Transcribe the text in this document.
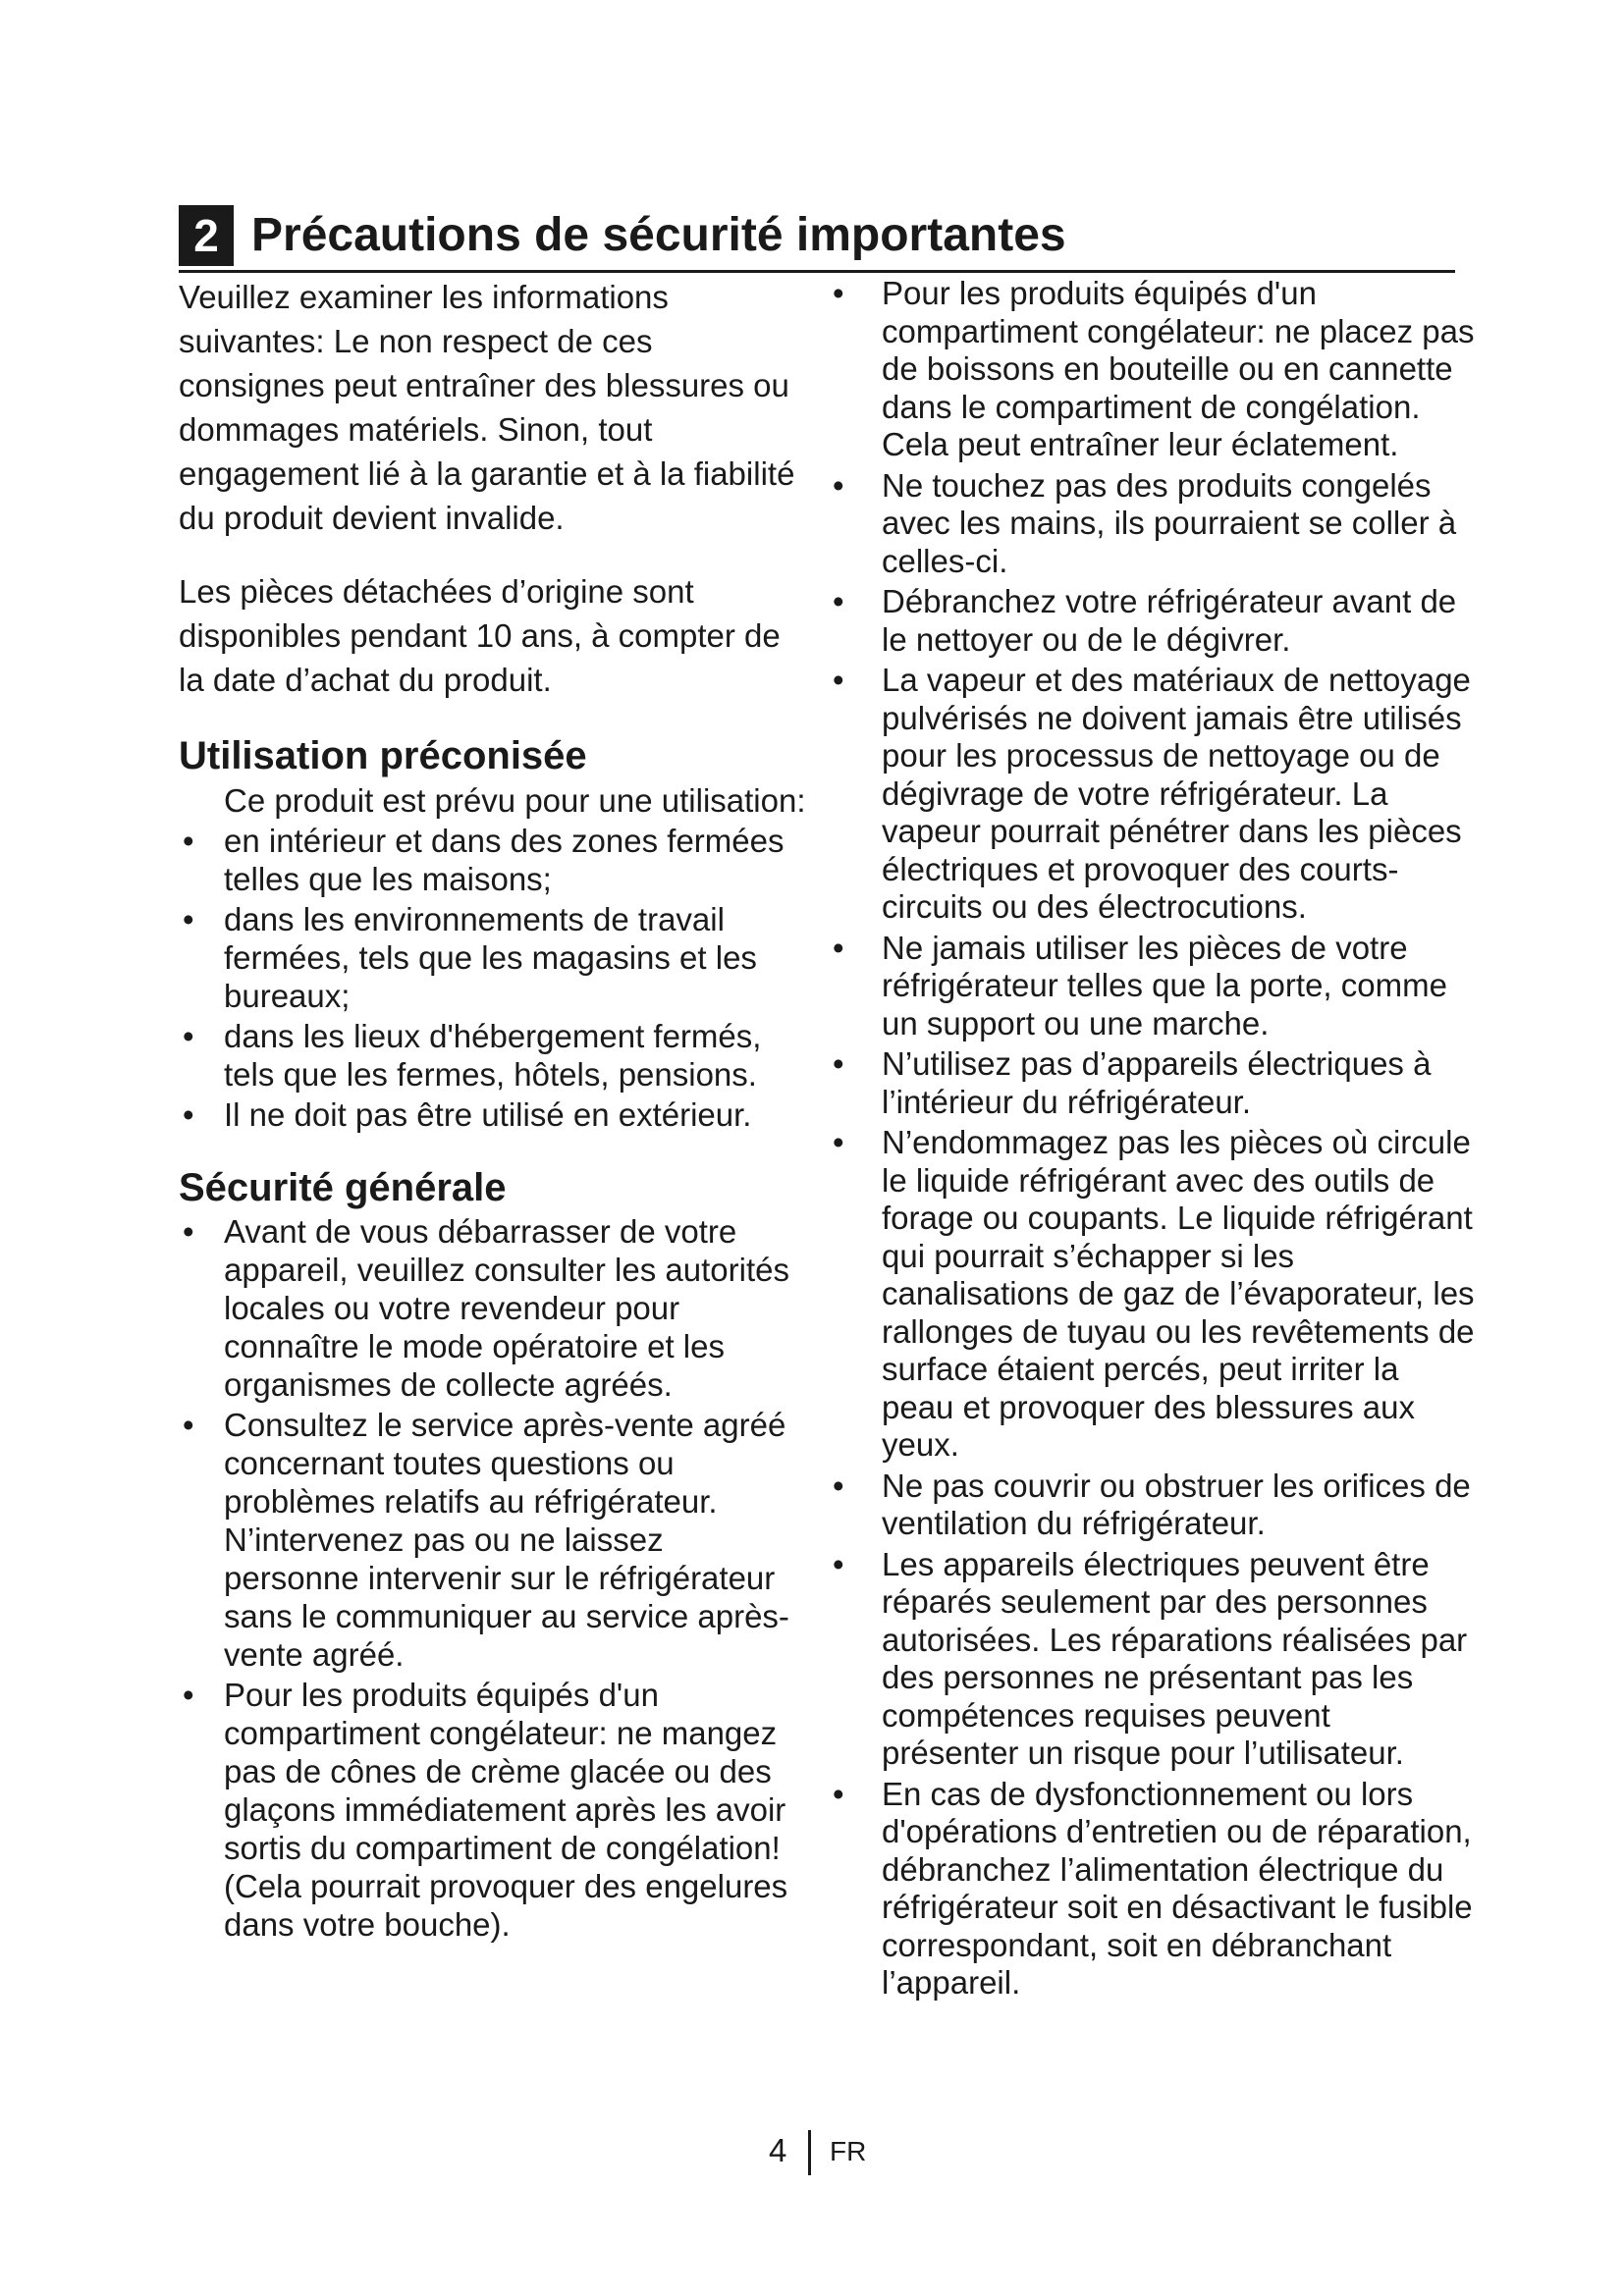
2 Précautions de sécurité importantes

Veuillez examiner les informations suivantes: Le non respect de ces consignes peut entraîner des blessures ou dommages matériels. Sinon, tout engagement lié à la garantie et à la fiabilité du produit devient invalide.

Les pièces détachées d’origine sont disponibles pendant 10 ans, à compter de la date d’achat du produit.

Utilisation préconisée

Ce produit est prévu pour une utilisation:

• en intérieur et dans des zones fermées telles que les maisons;
• dans les environnements de travail fermées, tels que les magasins et les bureaux;
• dans les lieux d'hébergement fermés, tels que les fermes, hôtels, pensions.
• Il ne doit pas être utilisé en extérieur.
Sécurité générale
• Avant de vous débarrasser de votre appareil, veuillez consulter les autorités locales ou votre revendeur pour connaître le mode opératoire et les organismes de collecte agréés.
• Consultez le service après-vente agréé concernant toutes questions ou problèmes relatifs au réfrigérateur. N’intervenez pas ou ne laissez personne intervenir sur le réfrigérateur sans le communiquer au service après-vente agréé.
• Pour les produits équipés d'un compartiment congélateur: ne mangez pas de cônes de crème glacée ou des glaçons immédiatement après les avoir sortis du compartiment de congélation! (Cela pourrait provoquer des engelures dans votre bouche).
• Pour les produits équipés d'un compartiment congélateur: ne placez pas de boissons en bouteille ou en cannette dans le compartiment de congélation. Cela peut entraîner leur éclatement.
• Ne touchez pas des produits congelés avec les mains, ils pourraient se coller à celles-ci.
• Débranchez votre réfrigérateur avant de le nettoyer ou de le dégivrer.
• La vapeur et des matériaux de nettoyage pulvérisés ne doivent jamais être utilisés pour les processus de nettoyage ou de dégivrage de votre réfrigérateur. La vapeur pourrait pénétrer dans les pièces électriques et provoquer des courts-circuits ou des électrocutions.
• Ne jamais utiliser les pièces de votre réfrigérateur telles que la porte, comme un support ou une marche.
• N’utilisez pas d’appareils électriques à l’intérieur du réfrigérateur.
• N’endommagez pas les pièces où circule le liquide réfrigérant avec des outils de forage ou coupants. Le liquide réfrigérant qui pourrait s’échapper si les canalisations de gaz de l’évaporateur, les rallonges de tuyau ou les revêtements de surface étaient percés, peut irriter la peau et provoquer des blessures aux yeux.
• Ne pas couvrir ou obstruer les orifices de ventilation du réfrigérateur.
• Les appareils électriques peuvent être réparés seulement par des personnes autorisées. Les réparations réalisées par des personnes ne présentant pas les compétences requises peuvent présenter un risque pour l’utilisateur.
• En cas de dysfonctionnement ou lors d'opérations d’entretien ou de réparation, débranchez l’alimentation électrique du réfrigérateur soit en désactivant le fusible correspondant, soit en débranchant l’appareil.
4 FR
